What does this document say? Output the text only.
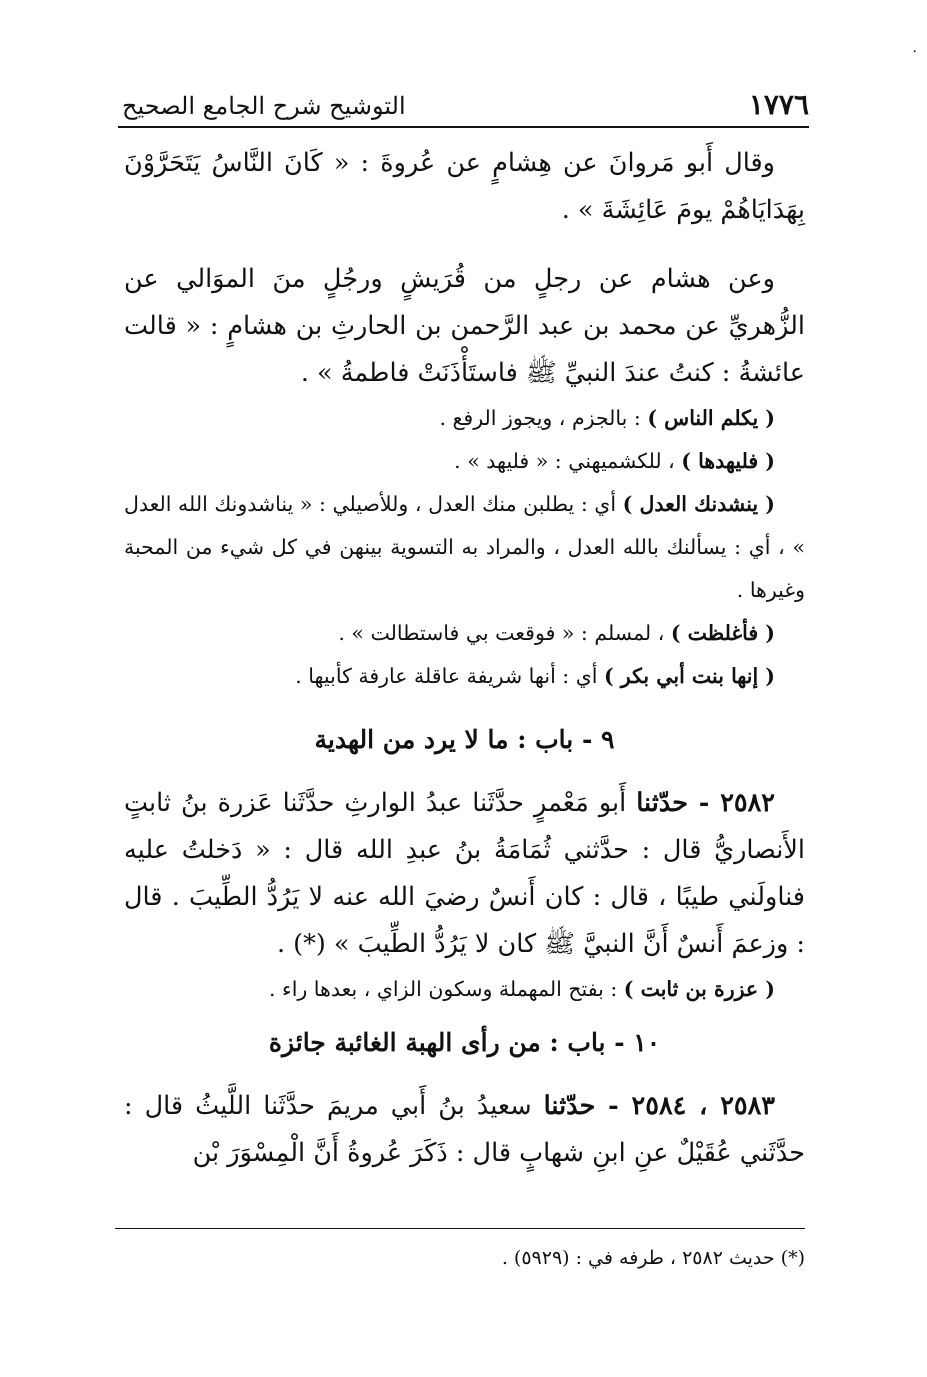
.
١٧٧٦
التوشيح شرح الجامع الصحيح

وقال أَبو مَروانَ عن هِشامٍ عن عُروةَ : « كَانَ النَّاسُ يَتَحَرَّوْنَ بِهَدَايَاهُمْ يومَ عَائِشَةَ » .

وعن هشام عن رجلٍ من قُرَيشٍ ورجُلٍ منَ الموَالي عن الزُّهريِّ عن محمد بن عبد الرَّحمن بن الحارثِ بن هشامٍ : « قالت عائشةُ : كنتُ عندَ النبيِّ ﷺ فاستَأْذَنَتْ فاطمةُ » .

( يكلم الناس ) : بالجزم ، ويجوز الرفع .

( فليهدها ) ، للكشميهني : « فليهد » .

( ينشدنك العدل ) أي : يطلبن منك العدل ، وللأصيلي : « يناشدونك الله العدل » ، أي : يسألنك بالله العدل ، والمراد به التسوية بينهن في كل شيء من المحبة وغيرها .

( فأغلظت ) ، لمسلم : « فوقعت بي فاستطالت » .

( إنها بنت أبي بكر ) أي : أنها شريفة عاقلة عارفة كأبيها .

٩ - باب : ما لا يرد من الهدية

٢٥٨٢ - حدّثنا أَبو مَعْمرٍ حدَّثَنا عبدُ الوارثِ حدَّثَنا عَزرة بنُ ثابتٍ الأَنصاريُّ قال : حدَّثني ثُمَامَةُ بنُ عبدِ الله قال : « دَخلتُ عليه فناولَني طيبًا ، قال : كان أَنسٌ رضيَ الله عنه لا يَرُدُّ الطِّيبَ . قال : وزعمَ أَنسٌ أَنَّ النبيَّ ﷺ كان لا يَرُدُّ الطِّيبَ » (*) .

( عزرة بن ثابت ) : بفتح المهملة وسكون الزاي ، بعدها راء .

١٠ - باب : من رأى الهبة الغائبة جائزة

٢٥٨٣ ، ٢٥٨٤ - حدّثنا سعيدُ بنُ أَبي مريمَ حدَّثَنا اللَّيثُ قال : حدَّثَني عُقَيْلٌ عنِ ابنِ شهابٍ قال : ذَكَرَ عُروةُ أَنَّ الْمِسْوَرَ بْن

(*) حديث ٢٥٨٢ ، طرفه في : (٥٩٢٩) .
